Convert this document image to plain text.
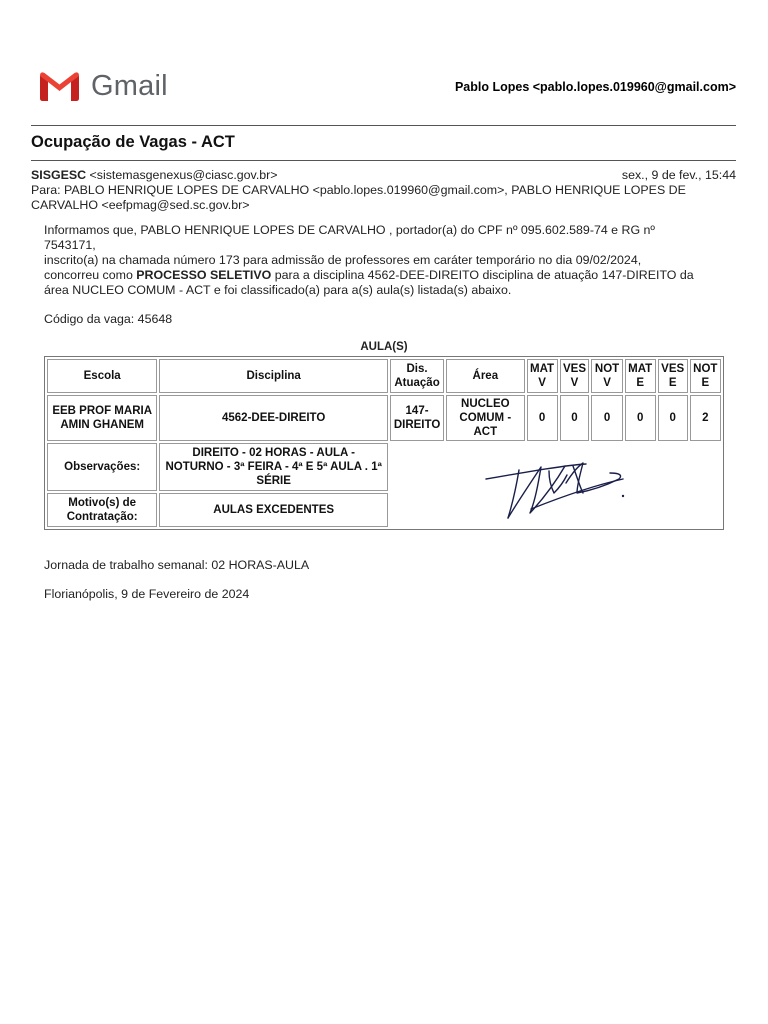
Gmail	Pablo Lopes <pablo.lopes.019960@gmail.com>
Ocupação de Vagas - ACT
SISGESC <sistemasgenexus@ciasc.gov.br>	sex., 9 de fev., 15:44
Para: PABLO HENRIQUE LOPES DE CARVALHO <pablo.lopes.019960@gmail.com>, PABLO HENRIQUE LOPES DE CARVALHO <eefpmag@sed.sc.gov.br>

Informamos que, PABLO HENRIQUE LOPES DE CARVALHO , portador(a) do CPF nº 095.602.589-74 e RG nº 7543171,

inscrito(a) na chamada número 173 para admissão de professores em caráter temporário no dia 09/02/2024,

concorreu como PROCESSO SELETIVO para a disciplina 4562-DEE-DIREITO disciplina de atuação 147-DIREITO da área NUCLEO COMUM - ACT e foi classificado(a) para a(s) aula(s) listada(s) abaixo.

Código da vaga: 45648
AULA(S)
Escola	Disciplina	Dis. Atuação	Área	MAT V	VES V	NOT V	MAT E	VES E	NOT E
EEB PROF MARIA AMIN GHANEM	4562-DEE-DIREITO	147-DIREITO	NUCLEO COMUM - ACT	0	0	0	0	0	2
Observações:	DIREITO - 02 HORAS - AULA - NOTURNO - 3ª FEIRA - 4ª E 5ª AULA . 1ª SÉRIE	
Motivo(s) de Contratação:	AULAS EXCEDENTES								
Jornada de trabalho semanal: 02 HORAS-AULA
Florianópolis, 9 de Fevereiro de 2024
